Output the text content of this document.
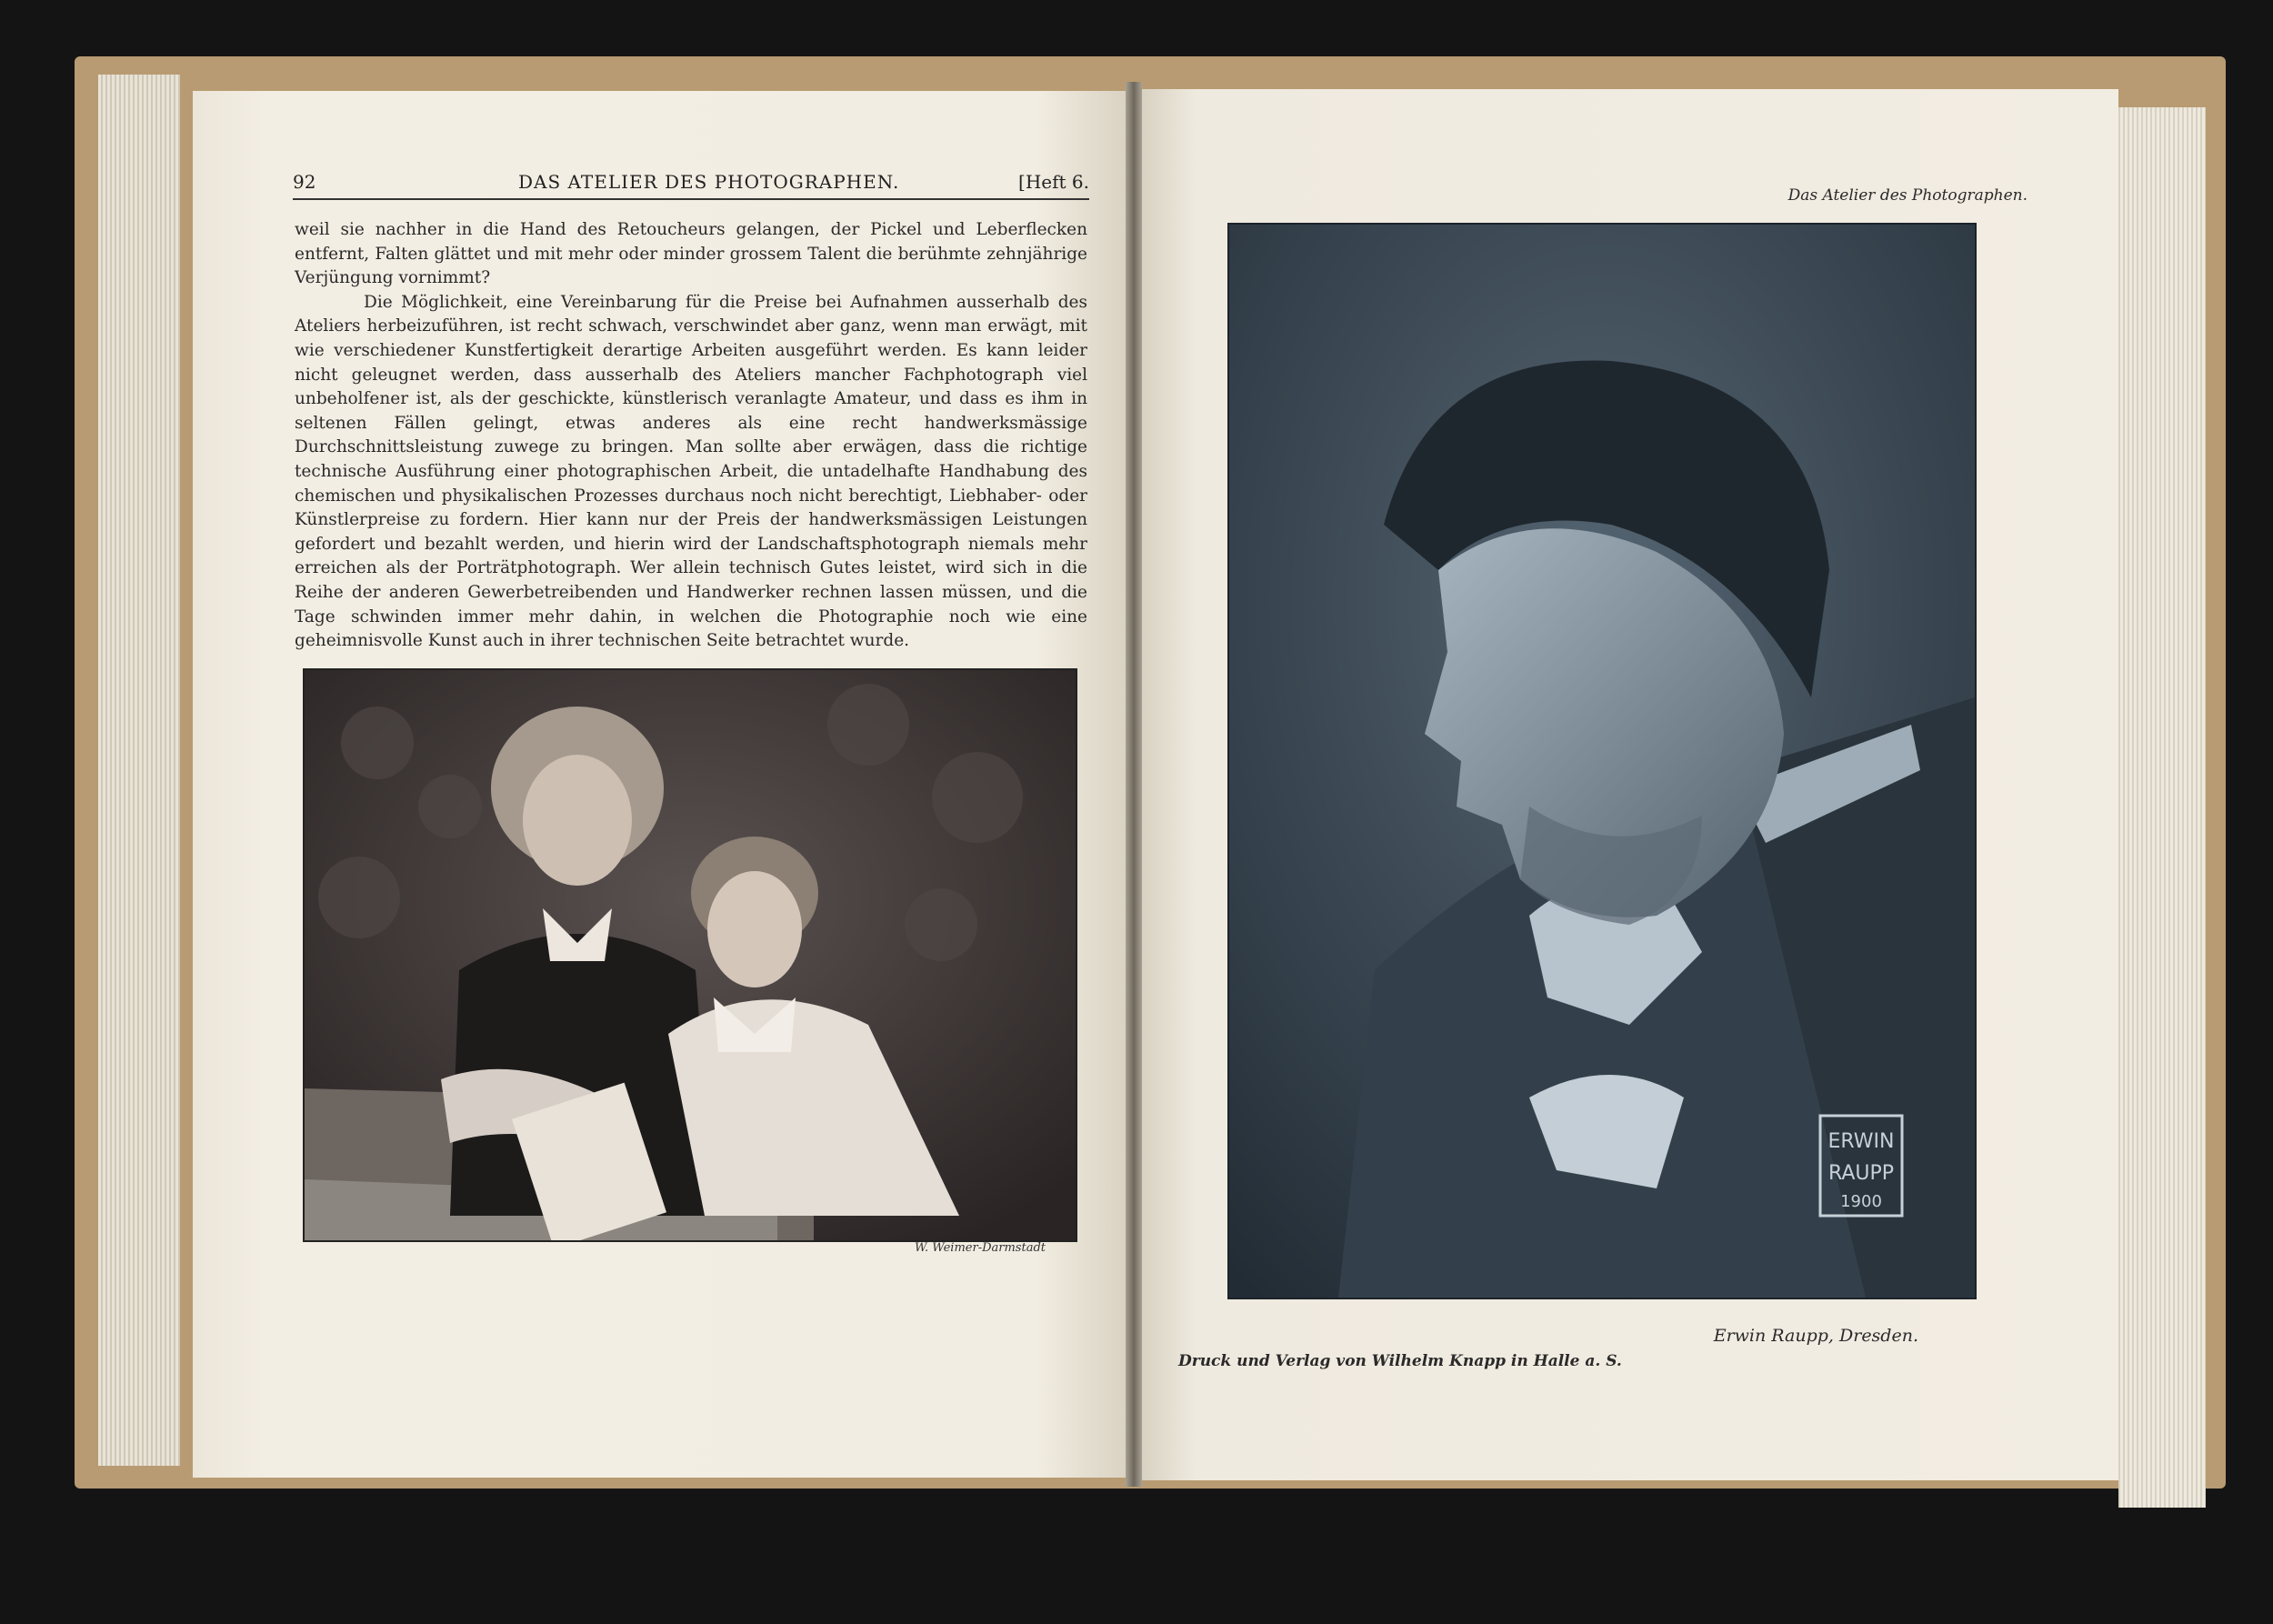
92	DAS ATELIER DES PHOTOGRAPHEN.	[Heft 6.

weil sie nachher in die Hand des Retoucheurs gelangen, der Pickel und Leberflecken entfernt, Falten glättet und mit mehr oder minder grossem Talent die berühmte zehnjährige Verjüngung vornimmt?

Die Möglichkeit, eine Vereinbarung für die Preise bei Aufnahmen ausserhalb des Ateliers herbeizuführen, ist recht schwach, verschwindet aber ganz, wenn man erwägt, mit wie verschiedener Kunstfertigkeit derartige Arbeiten ausgeführt werden. Es kann leider nicht geleugnet werden, dass ausserhalb des Ateliers mancher Fachphotograph viel unbeholfener ist, als der geschickte, künstlerisch veranlagte Amateur, und dass es ihm in seltenen Fällen gelingt, etwas anderes als eine recht handwerksmässige Durchschnittsleistung zuwege zu bringen. Man sollte aber erwägen, dass die richtige technische Ausführung einer photographischen Arbeit, die untadelhafte Handhabung des chemischen und physikalischen Prozesses durchaus noch nicht berechtigt, Liebhaber- oder Künstlerpreise zu fordern. Hier kann nur der Preis der handwerksmässigen Leistungen gefordert und bezahlt werden, und hierin wird der Landschaftsphotograph niemals mehr erreichen als der Porträtphotograph. Wer allein technisch Gutes leistet, wird sich in die Reihe der anderen Gewerbetreibenden und Handwerker rechnen lassen müssen, und die Tage schwinden immer mehr dahin, in welchen die Photographie noch wie eine geheimnisvolle Kunst auch in ihrer technischen Seite betrachtet wurde.

W. Weimer-Darmstadt
Das Atelier des Photographen.
ERWIN
RAUPP
1900
Erwin Raupp, Dresden.
Druck und Verlag von Wilhelm Knapp in Halle a. S.
